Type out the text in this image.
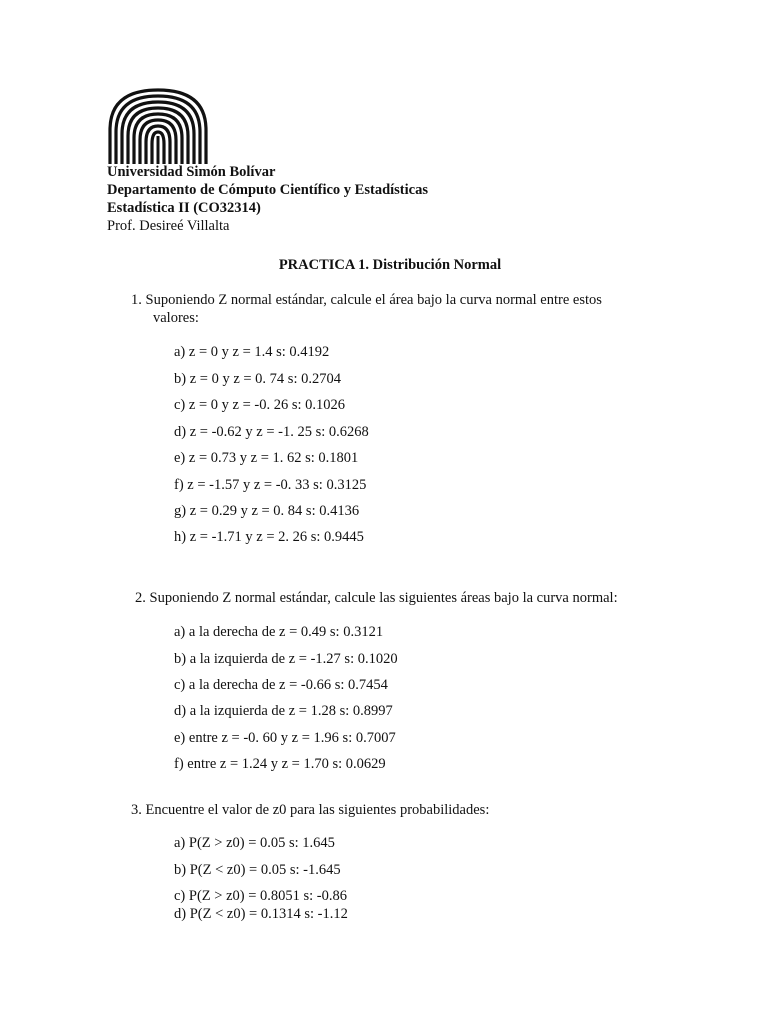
Universidad Simón Bolívar
Departamento de Cómputo Científico y Estadísticas
Estadística II (CO32314)
Prof. Desireé Villalta
PRACTICA 1. Distribución Normal
1. Suponiendo Z normal estándar, calcule el área bajo la curva normal entre estos
valores:
a) z = 0 y z = 1.4 s: 0.4192
b) z = 0 y z = 0. 74 s: 0.2704
c) z = 0 y z = -0. 26 s: 0.1026
d) z = -0.62 y z = -1. 25 s: 0.6268
e) z = 0.73 y z = 1. 62 s: 0.1801
f) z = -1.57 y z = -0. 33 s: 0.3125
g) z = 0.29 y z = 0. 84 s: 0.4136
h) z = -1.71 y z = 2. 26 s: 0.9445
2. Suponiendo Z normal estándar, calcule las siguientes áreas bajo la curva normal:
a) a la derecha de z = 0.49 s: 0.3121
b) a la izquierda de z = -1.27 s: 0.1020
c) a la derecha de z = -0.66 s: 0.7454
d) a la izquierda de z = 1.28 s: 0.8997
e) entre z = -0. 60 y z = 1.96 s: 0.7007
f) entre z = 1.24 y z = 1.70 s: 0.0629
3. Encuentre el valor de z0 para las siguientes probabilidades:
a) P(Z > z0) = 0.05 s: 1.645
b) P(Z < z0) = 0.05 s: -1.645
c) P(Z > z0) = 0.8051 s: -0.86
d) P(Z < z0) = 0.1314 s: -1.12
